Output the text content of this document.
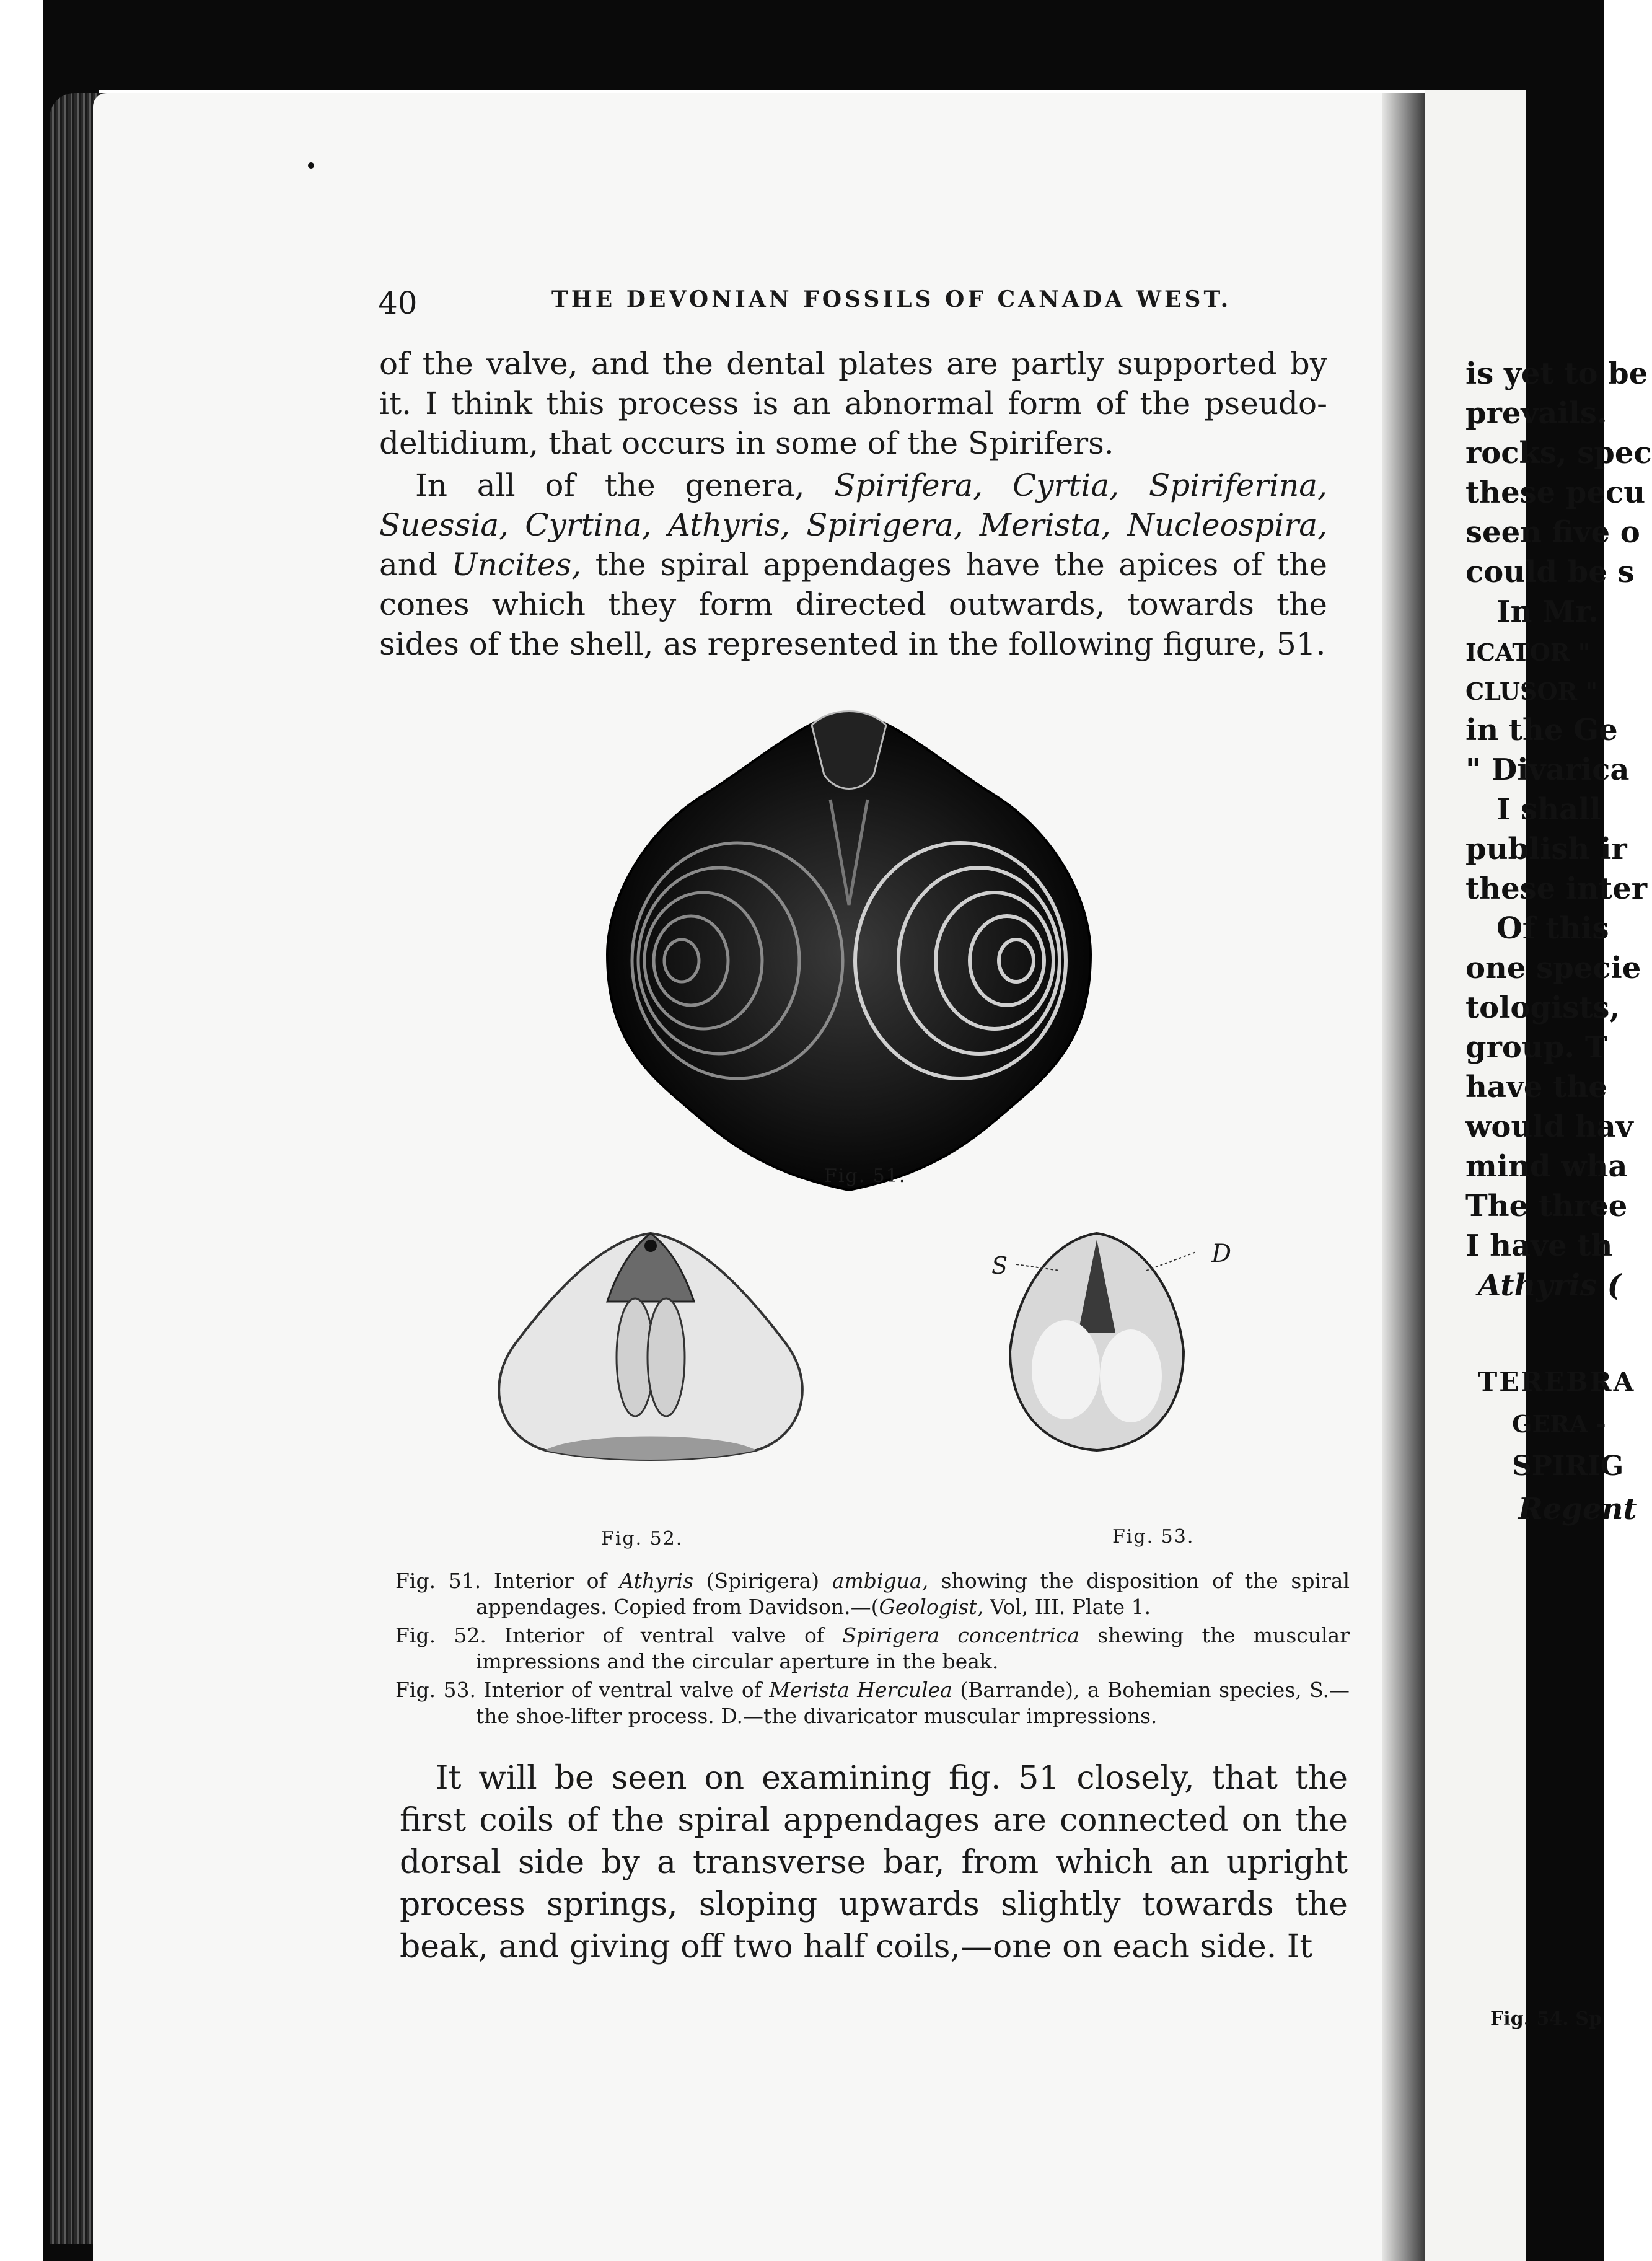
40	THE DEVONIAN FOSSILS OF CANADA WEST.

of the valve, and the dental plates are partly supported by it. I think this process is an abnormal form of the pseudo-deltidium, that occurs in some of the Spirifers.

In all of the genera, Spirifera, Cyrtia, Spiriferina, Suessia, Cyrtina, Athyris, Spirigera, Merista, Nucleospira, and Uncites, the spiral appendages have the apices of the cones which they form directed outwards, towards the sides of the shell, as represented in the following figure, 51.

Fig. 51.
Fig. 52.
S	D
Fig. 53.

Fig. 51. Interior of Athyris (Spirigera) ambigua, showing the disposition of the spiral appendages. Copied from Davidson.—(Geologist, Vol, III. Plate 1.

Fig. 52. Interior of ventral valve of Spirigera concentrica shewing the muscular impressions and the circular aperture in the beak.

Fig. 53. Interior of ventral valve of Merista Herculea (Barrande), a Bohemian species, S.—the shoe-lifter process. D.—the divaricator muscular impressions.

It will be seen on examining fig. 51 closely, that the first coils of the spiral appendages are connected on the dorsal side by a transverse bar, from which an upright process springs, sloping upwards slightly towards the beak, and giving off two half coils,—one on each side. It

is yet to be
prevails.
rocks, spec
these pecu
seen five o
could be s
In Mr.
ICATOR "
CLUSOR "
in the Ge
" Divarica
I shall
publish ir
these inter
Of this
one specie
tologists,
group. T
have the
would hav
mind wha
The three
I have th
Athyris (
TEREBRA
GERA -
SPIRIG
Regent
Fig. 54. Sp
